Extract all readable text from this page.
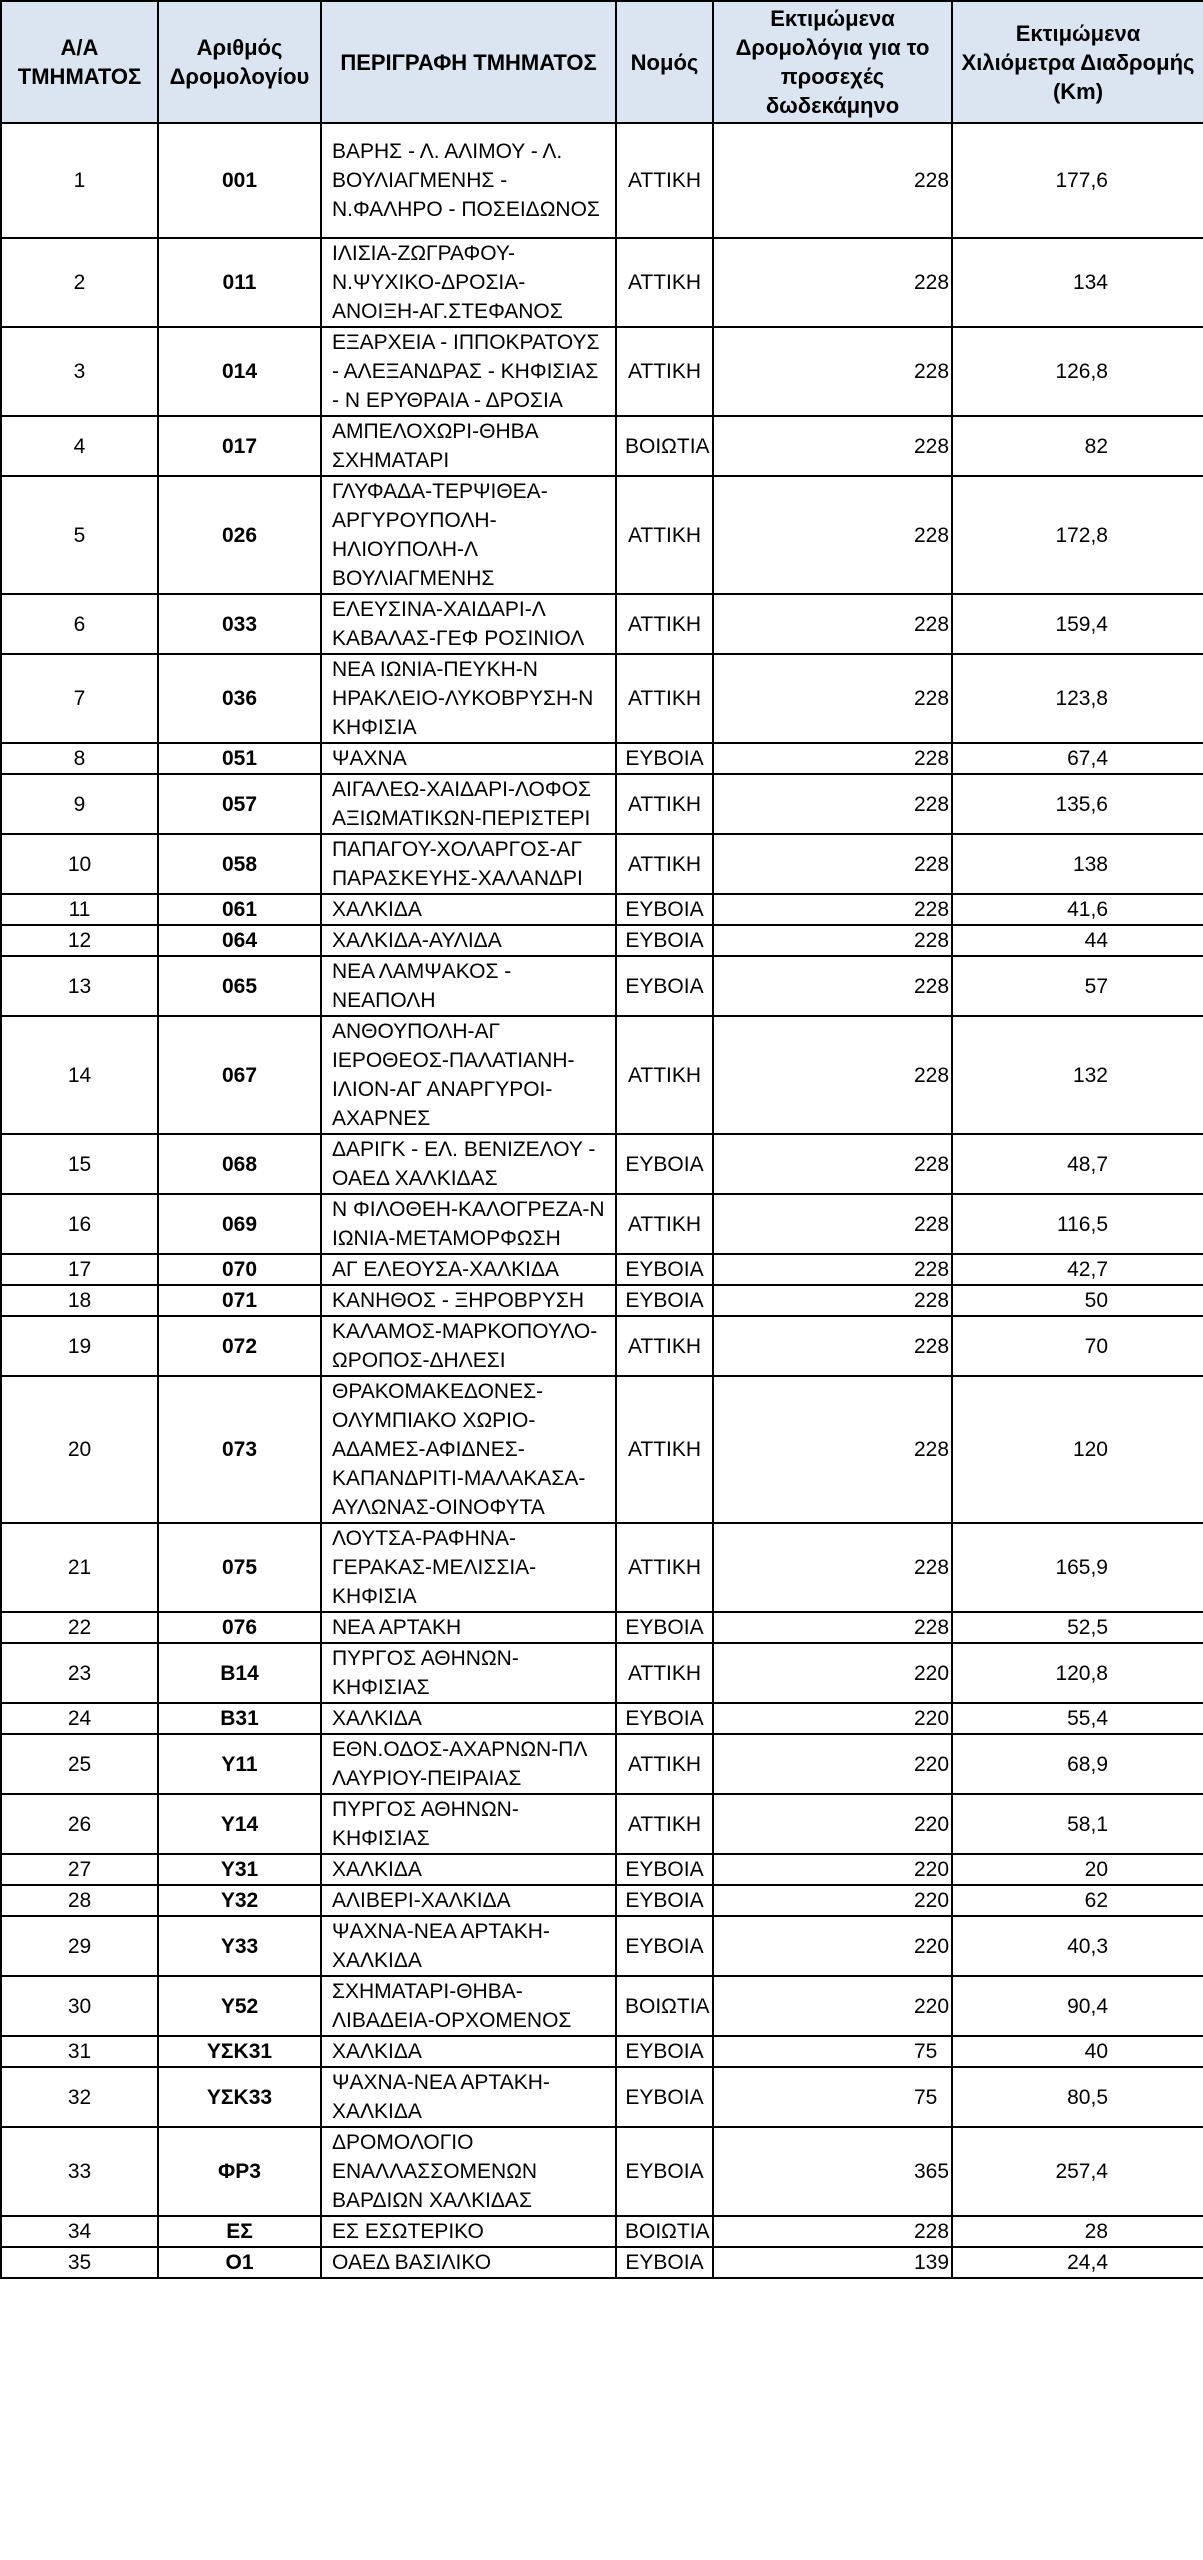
Α/Α ΤΜΗΜΑΤΟΣ	Αριθμός Δρομολογίου	ΠΕΡΙΓΡΑΦΗ ΤΜΗΜΑΤΟΣ	Νομός	Εκτιμώμενα Δρομολόγια για το προσεχές δωδεκάμηνο	Εκτιμώμενα Χιλιόμετρα Διαδρομής (Km)
1	001	ΒΑΡΗΣ - Λ. ΑΛΙΜΟΥ - Λ. ΒΟΥΛΙΑΓΜΕΝΗΣ - Ν.ΦΑΛΗΡΟ - ΠΟΣΕΙΔΩΝΟΣ	ΑΤΤΙΚΗ	228	177,6
2	011	ΙΛΙΣΙΑ-ΖΩΓΡΑΦΟΥ-Ν.ΨΥΧΙΚΟ-ΔΡΟΣΙΑ-ΑΝΟΙΞΗ-ΑΓ.ΣΤΕΦΑΝΟΣ	ΑΤΤΙΚΗ	228	134
3	014	ΕΞΑΡΧΕΙΑ - ΙΠΠΟΚΡΑΤΟΥΣ - ΑΛΕΞΑΝΔΡΑΣ - ΚΗΦΙΣΙΑΣ - Ν ΕΡΥΘΡΑΙΑ - ΔΡΟΣΙΑ	ΑΤΤΙΚΗ	228	126,8
4	017	ΑΜΠΕΛΟΧΩΡΙ-ΘΗΒΑ ΣΧΗΜΑΤΑΡΙ	ΒΟΙΩΤΙΑ	228	82
5	026	ΓΛΥΦΑΔΑ-ΤΕΡΨΙΘΕΑ-ΑΡΓΥΡΟΥΠΟΛΗ-ΗΛΙΟΥΠΟΛΗ-Λ ΒΟΥΛΙΑΓΜΕΝΗΣ	ΑΤΤΙΚΗ	228	172,8
6	033	ΕΛΕΥΣΙΝΑ-ΧΑΙΔΑΡΙ-Λ ΚΑΒΑΛΑΣ-ΓΕΦ ΡΟΣΙΝΙΟΛ	ΑΤΤΙΚΗ	228	159,4
7	036	ΝΕΑ ΙΩΝΙΑ-ΠΕΥΚΗ-Ν ΗΡΑΚΛΕΙΟ-ΛΥΚΟΒΡΥΣΗ-Ν ΚΗΦΙΣΙΑ	ΑΤΤΙΚΗ	228	123,8
8	051	ΨΑΧΝΑ	ΕΥΒΟΙΑ	228	67,4
9	057	ΑΙΓΑΛΕΩ-ΧΑΙΔΑΡΙ-ΛΟΦΟΣ ΑΞΙΩΜΑΤΙΚΩΝ-ΠΕΡΙΣΤΕΡΙ	ΑΤΤΙΚΗ	228	135,6
10	058	ΠΑΠΑΓΟΥ-ΧΟΛΑΡΓΟΣ-ΑΓ ΠΑΡΑΣΚΕΥΗΣ-ΧΑΛΑΝΔΡΙ	ΑΤΤΙΚΗ	228	138
11	061	ΧΑΛΚΙΔΑ	ΕΥΒΟΙΑ	228	41,6
12	064	ΧΑΛΚΙΔΑ-ΑΥΛΙΔΑ	ΕΥΒΟΙΑ	228	44
13	065	ΝΕΑ ΛΑΜΨΑΚΟΣ - ΝΕΑΠΟΛΗ	ΕΥΒΟΙΑ	228	57
14	067	ΑΝΘΟΥΠΟΛΗ-ΑΓ ΙΕΡΟΘΕΟΣ-ΠΑΛΑΤΙΑΝΗ-ΙΛΙΟΝ-ΑΓ ΑΝΑΡΓΥΡΟΙ-ΑΧΑΡΝΕΣ	ΑΤΤΙΚΗ	228	132
15	068	ΔΑΡΙΓΚ - ΕΛ. ΒΕΝΙΖΕΛΟΥ - ΟΑΕΔ ΧΑΛΚΙΔΑΣ	ΕΥΒΟΙΑ	228	48,7
16	069	Ν ΦΙΛΟΘΕΗ-ΚΑΛΟΓΡΕΖΑ-Ν ΙΩΝΙΑ-ΜΕΤΑΜΟΡΦΩΣΗ	ΑΤΤΙΚΗ	228	116,5
17	070	ΑΓ ΕΛΕΟΥΣΑ-ΧΑΛΚΙΔΑ	ΕΥΒΟΙΑ	228	42,7
18	071	ΚΑΝΗΘΟΣ - ΞΗΡΟΒΡΥΣΗ	ΕΥΒΟΙΑ	228	50
19	072	ΚΑΛΑΜΟΣ-ΜΑΡΚΟΠΟΥΛΟ-ΩΡΟΠΟΣ-ΔΗΛΕΣΙ	ΑΤΤΙΚΗ	228	70
20	073	ΘΡΑΚΟΜΑΚΕΔΟΝΕΣ-ΟΛΥΜΠΙΑΚΟ ΧΩΡΙΟ-ΑΔΑΜΕΣ-ΑΦΙΔΝΕΣ-ΚΑΠΑΝΔΡΙΤΙ-ΜΑΛΑΚΑΣΑ-ΑΥΛΩΝΑΣ-ΟΙΝΟΦΥΤΑ	ΑΤΤΙΚΗ	228	120
21	075	ΛΟΥΤΣΑ-ΡΑΦΗΝΑ-ΓΕΡΑΚΑΣ-ΜΕΛΙΣΣΙΑ-ΚΗΦΙΣΙΑ	ΑΤΤΙΚΗ	228	165,9
22	076	ΝΕΑ ΑΡΤΑΚΗ	ΕΥΒΟΙΑ	228	52,5
23	Β14	ΠΥΡΓΟΣ ΑΘΗΝΩΝ-ΚΗΦΙΣΙΑΣ	ΑΤΤΙΚΗ	220	120,8
24	Β31	ΧΑΛΚΙΔΑ	ΕΥΒΟΙΑ	220	55,4
25	Υ11	ΕΘΝ.ΟΔΟΣ-ΑΧΑΡΝΩΝ-ΠΛ ΛΑΥΡΙΟΥ-ΠΕΙΡΑΙΑΣ	ΑΤΤΙΚΗ	220	68,9
26	Υ14	ΠΥΡΓΟΣ ΑΘΗΝΩΝ-ΚΗΦΙΣΙΑΣ	ΑΤΤΙΚΗ	220	58,1
27	Υ31	ΧΑΛΚΙΔΑ	ΕΥΒΟΙΑ	220	20
28	Υ32	ΑΛΙΒΕΡΙ-ΧΑΛΚΙΔΑ	ΕΥΒΟΙΑ	220	62
29	Υ33	ΨΑΧΝΑ-ΝΕΑ ΑΡΤΑΚΗ-ΧΑΛΚΙΔΑ	ΕΥΒΟΙΑ	220	40,3
30	Υ52	ΣΧΗΜΑΤΑΡΙ-ΘΗΒΑ-ΛΙΒΑΔΕΙΑ-ΟΡΧΟΜΕΝΟΣ	ΒΟΙΩΤΙΑ	220	90,4
31	ΥΣΚ31	ΧΑΛΚΙΔΑ	ΕΥΒΟΙΑ	75	40
32	ΥΣΚ33	ΨΑΧΝΑ-ΝΕΑ ΑΡΤΑΚΗ-ΧΑΛΚΙΔΑ	ΕΥΒΟΙΑ	75	80,5
33	ΦΡ3	ΔΡΟΜΟΛΟΓΙΟ ΕΝΑΛΛΑΣΣΟΜΕΝΩΝ ΒΑΡΔΙΩΝ ΧΑΛΚΙΔΑΣ	ΕΥΒΟΙΑ	365	257,4
34	ΕΣ	ΕΣ ΕΣΩΤΕΡΙΚΟ	ΒΟΙΩΤΙΑ	228	28
35	Ο1	ΟΑΕΔ ΒΑΣΙΛΙΚΟ	ΕΥΒΟΙΑ	139	24,4
